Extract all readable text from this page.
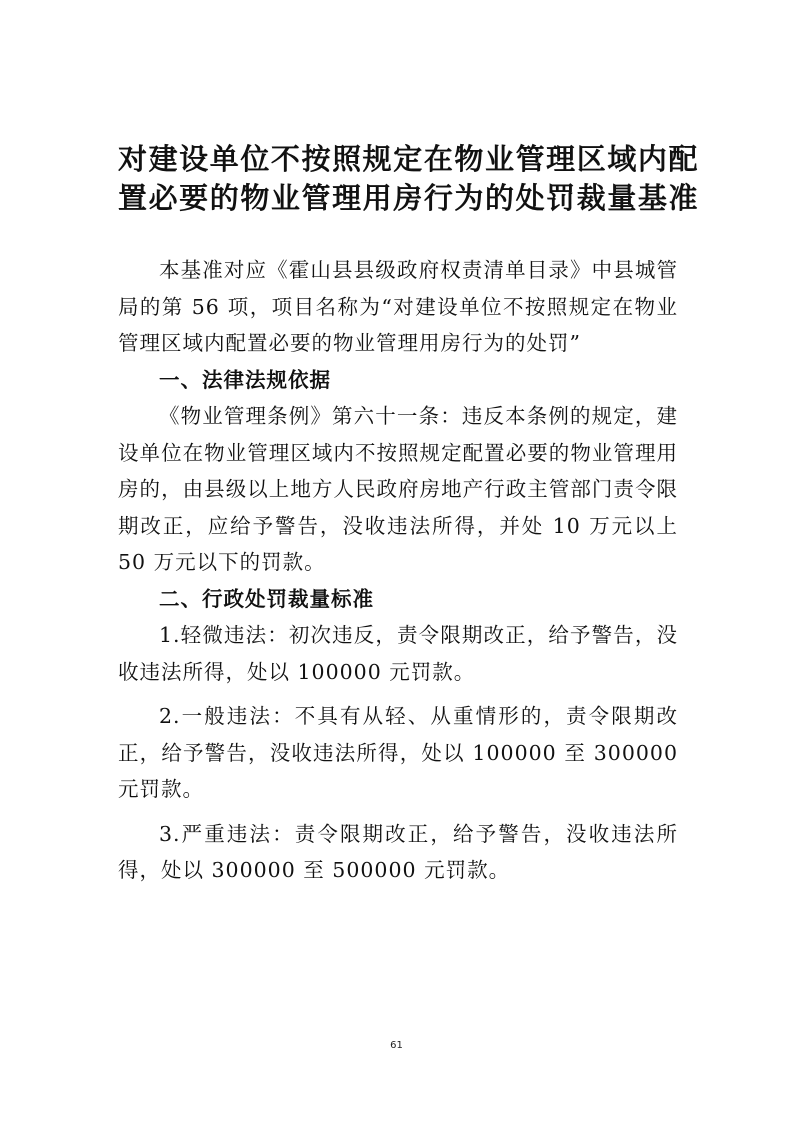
对建设单位不按照规定在物业管理区域内配
置必要的物业管理用房行为的处罚裁量基准

本基准对应《霍山县县级政府权责清单目录》中县城管局的第 56 项，项目名称为“对建设单位不按照规定在物业管理区域内配置必要的物业管理用房行为的处罚”

一、法律法规依据

《物业管理条例》第六十一条：违反本条例的规定，建设单位在物业管理区域内不按照规定配置必要的物业管理用房的，由县级以上地方人民政府房地产行政主管部门责令限期改正，应给予警告，没收违法所得，并处 10 万元以上 50 万元以下的罚款。

二、行政处罚裁量标准

1.轻微违法：初次违反，责令限期改正，给予警告，没收违法所得，处以 100000 元罚款。

2.一般违法：不具有从轻、从重情形的，责令限期改正，给予警告，没收违法所得，处以 100000 至 300000 元罚款。

3.严重违法：责令限期改正，给予警告，没收违法所得，处以 300000 至 500000 元罚款。

61
